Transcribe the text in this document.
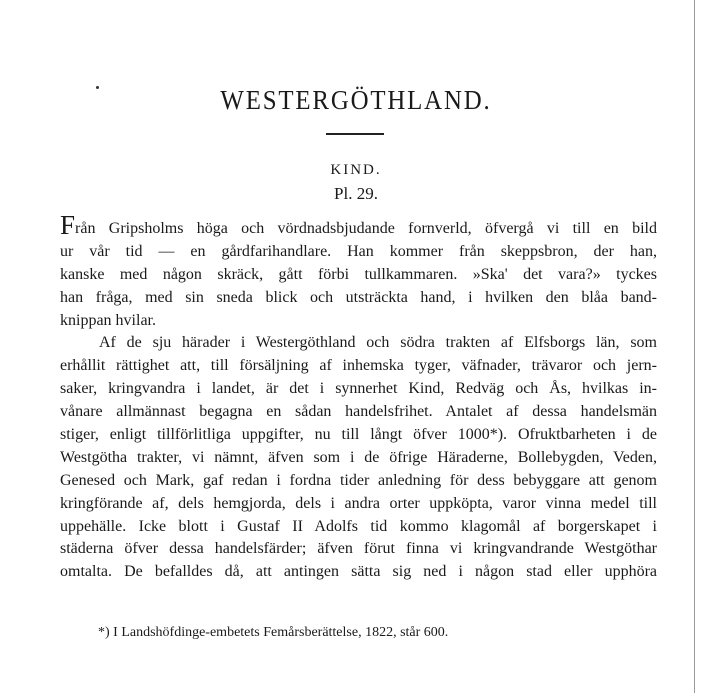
WESTERGÖTHLAND.
KIND.
Pl. 29.
Från Gripsholms höga och vördnadsbjudande fornverld, öfvergå vi till en bild
ur vår tid — en gårdfarihandlare. Han kommer från skeppsbron, der han,
kanske med någon skräck, gått förbi tullkammaren. »Ska' det vara?» tyckes
han fråga, med sin sneda blick och utsträckta hand, i hvilken den blåa band-
knippan hvilar.
Af de sju härader i Westergöthland och södra trakten af Elfsborgs län, som
erhållit rättighet att, till försäljning af inhemska tyger, väfnader, trävaror och jern-
saker, kringvandra i landet, är det i synnerhet Kind, Redväg och Ås, hvilkas in-
vånare allmännast begagna en sådan handelsfrihet. Antalet af dessa handelsmän
stiger, enligt tillförlitliga uppgifter, nu till långt öfver 1000*). Ofruktbarheten i de
Westgötha trakter, vi nämnt, äfven som i de öfrige Häraderne, Bollebygden, Veden,
Genesed och Mark, gaf redan i fordna tider anledning för dess bebyggare att genom
kringförande af, dels hemgjorda, dels i andra orter uppköpta, varor vinna medel till
uppehälle. Icke blott i Gustaf II Adolfs tid kommo klagomål af borgerskapet i
städerna öfver dessa handelsfärder; äfven förut finna vi kringvandrande Westgöthar
omtalta. De befalldes då, att antingen sätta sig ned i någon stad eller upphöra
*) I Landshöfdinge-embetets Femårsberättelse, 1822, står 600.
